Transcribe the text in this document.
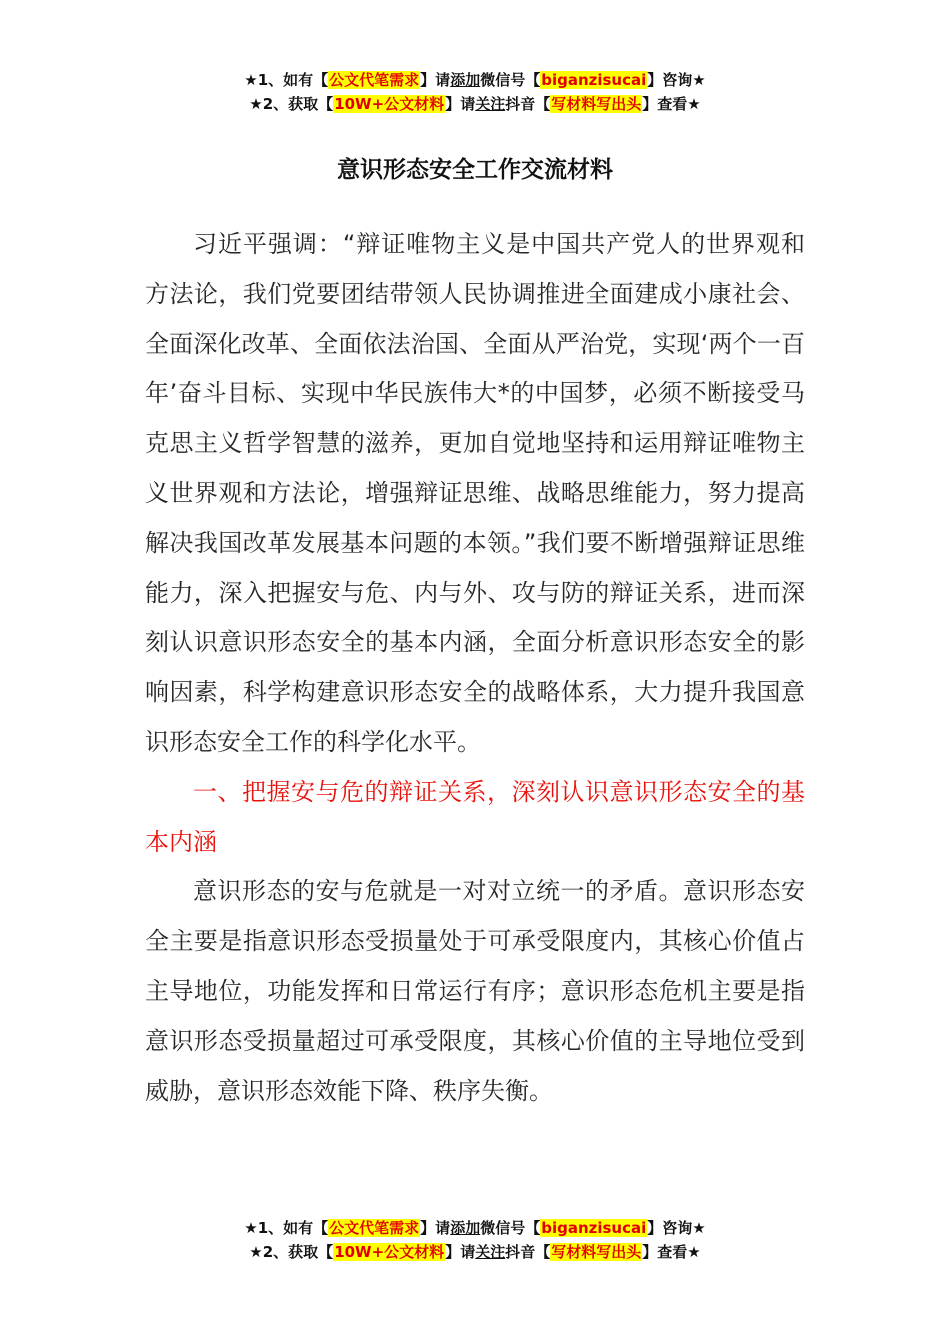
★1、如有【公文代笔需求】请添加微信号【biganzisucai】咨询★
★2、获取【10W+公文材料】请关注抖音【写材料写出头】查看★
意识形态安全工作交流材料

习近平强调：“辩证唯物主义是中国共产党人的世界观和方法论，我们党要团结带领人民协调推进全面建成小康社会、全面深化改革、全面依法治国、全面从严治党，实现‘两个一百年’奋斗目标、实现中华民族伟大*的中国梦，必须不断接受马克思主义哲学智慧的滋养，更加自觉地坚持和运用辩证唯物主义世界观和方法论，增强辩证思维、战略思维能力，努力提高解决我国改革发展基本问题的本领。”我们要不断增强辩证思维能力，深入把握安与危、内与外、攻与防的辩证关系，进而深刻认识意识形态安全的基本内涵，全面分析意识形态安全的影响因素，科学构建意识形态安全的战略体系，大力提升我国意识形态安全工作的科学化水平。

一、把握安与危的辩证关系，深刻认识意识形态安全的基本内涵

意识形态的安与危就是一对对立统一的矛盾。意识形态安全主要是指意识形态受损量处于可承受限度内，其核心价值占主导地位，功能发挥和日常运行有序；意识形态危机主要是指意识形态受损量超过可承受限度，其核心价值的主导地位受到威胁，意识形态效能下降、秩序失衡。

★1、如有【公文代笔需求】请添加微信号【biganzisucai】咨询★
★2、获取【10W+公文材料】请关注抖音【写材料写出头】查看★
